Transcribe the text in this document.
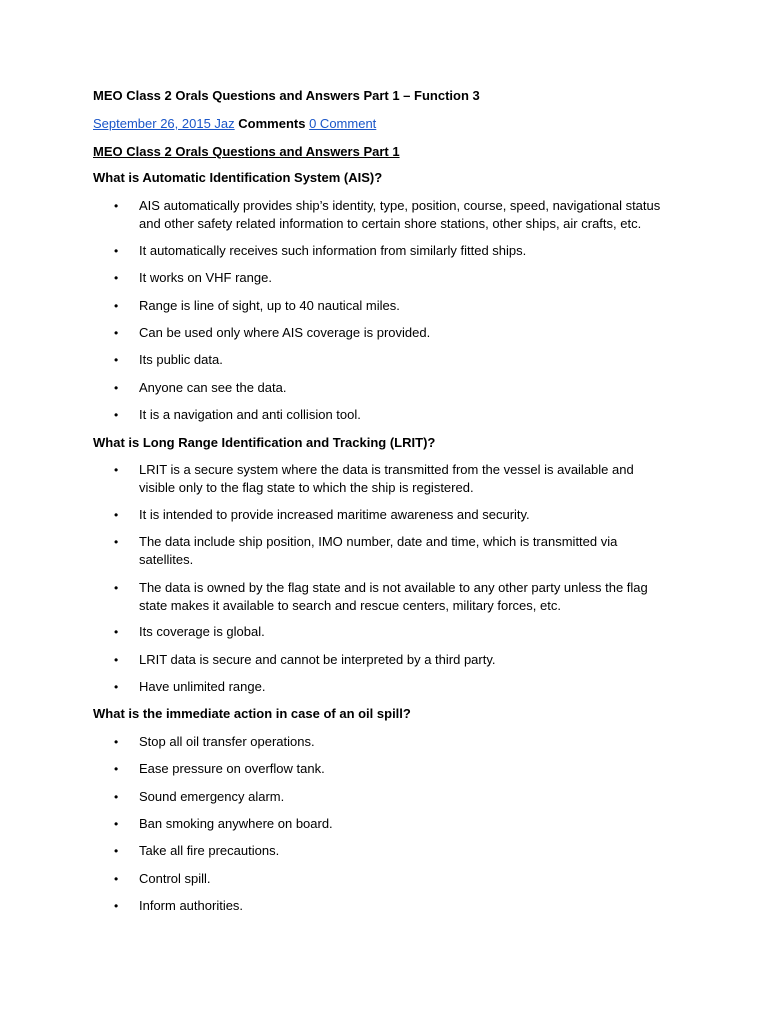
MEO Class 2 Orals Questions and Answers Part 1 – Function 3
September 26, 2015 Jaz Comments 0 Comment
MEO Class 2 Orals Questions and Answers Part 1
What is Automatic Identification System (AIS)?
• AIS automatically provides ship’s identity, type, position, course, speed, navigational status and other safety related information to certain shore stations, other ships, air crafts, etc.
• It automatically receives such information from similarly fitted ships.
• It works on VHF range.
• Range is line of sight, up to 40 nautical miles.
• Can be used only where AIS coverage is provided.
• Its public data.
• Anyone can see the data.
• It is a navigation and anti collision tool.
What is Long Range Identification and Tracking (LRIT)?
• LRIT is a secure system where the data is transmitted from the vessel is available and visible only to the flag state to which the ship is registered.
• It is intended to provide increased maritime awareness and security.
• The data include ship position, IMO number, date and time, which is transmitted via satellites.
• The data is owned by the flag state and is not available to any other party unless the flag state makes it available to search and rescue centers, military forces, etc.
• Its coverage is global.
• LRIT data is secure and cannot be interpreted by a third party.
• Have unlimited range.
What is the immediate action in case of an oil spill?
• Stop all oil transfer operations.
• Ease pressure on overflow tank.
• Sound emergency alarm.
• Ban smoking anywhere on board.
• Take all fire precautions.
• Control spill.
• Inform authorities.
